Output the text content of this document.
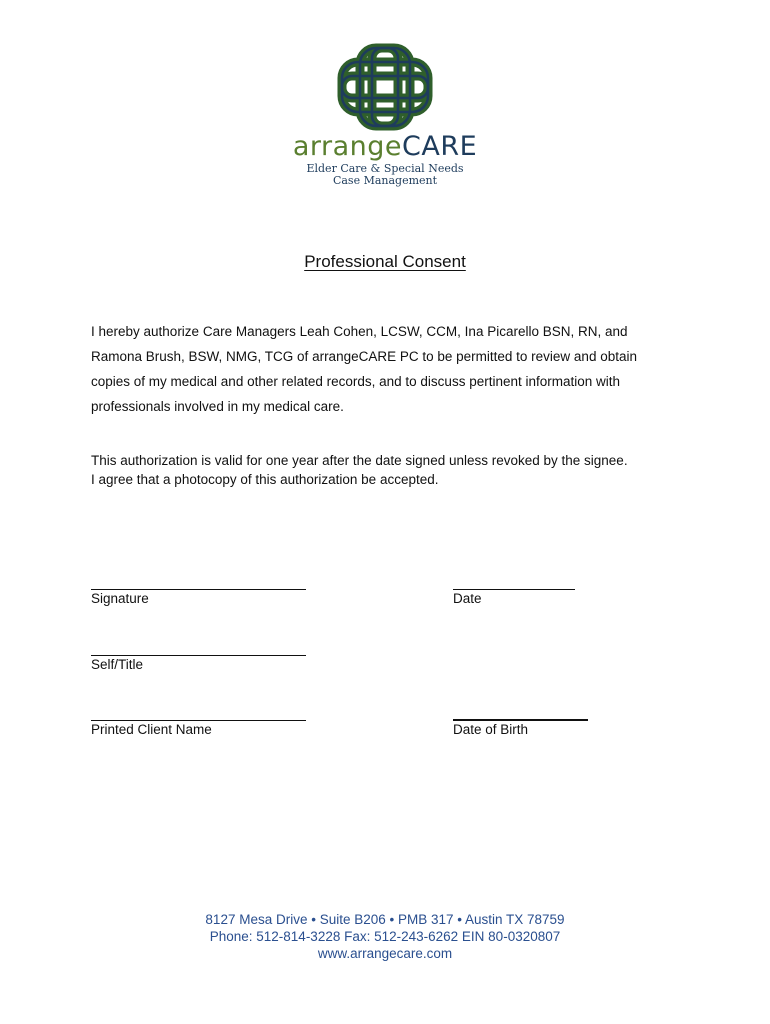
arrangeCARE
Elder Care & Special Needs
Case Management
Professional Consent
I hereby authorize Care Managers Leah Cohen, LCSW, CCM, Ina Picarello BSN, RN, and Ramona Brush, BSW, NMG, TCG of arrangeCARE PC to be permitted to review and obtain copies of my medical and other related records, and to discuss pertinent information with professionals involved in my medical care.
This authorization is valid for one year after the date signed unless revoked by the signee.
I agree that a photocopy of this authorization be accepted.
Signature	Date
Self/Title
Printed Client Name	Date of Birth
8127 Mesa Drive • Suite B206 • PMB 317 • Austin TX 78759
Phone: 512-814-3228 Fax: 512-243-6262 EIN 80-0320807
www.arrangecare.com
